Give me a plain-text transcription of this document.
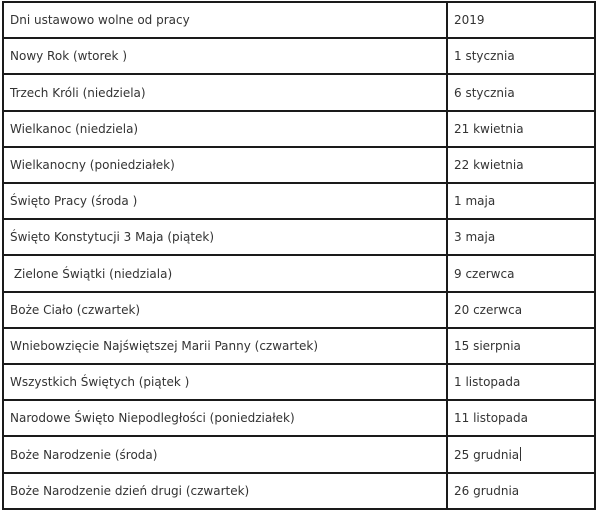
Dni ustawowo wolne od pracy	2019
Nowy Rok (wtorek )	1 stycznia
Trzech Króli (niedziela)	6 stycznia
Wielkanoc (niedziela)	21 kwietnia
Wielkanocny (poniedziałek)	22 kwietnia
Święto Pracy (środa )	1 maja
Święto Konstytucji 3 Maja (piątek)	3 maja
Zielone Świątki (niedziala)	9 czerwca
Boże Ciało (czwartek)	20 czerwca
Wniebowzięcie Najświętszej Marii Panny (czwartek)	15 sierpnia
Wszystkich Świętych (piątek )	1 listopada
Narodowe Święto Niepodległości (poniedziałek)	11 listopada
Boże Narodzenie (środa)	25 grudnia
Boże Narodzenie dzień drugi (czwartek)	26 grudnia
